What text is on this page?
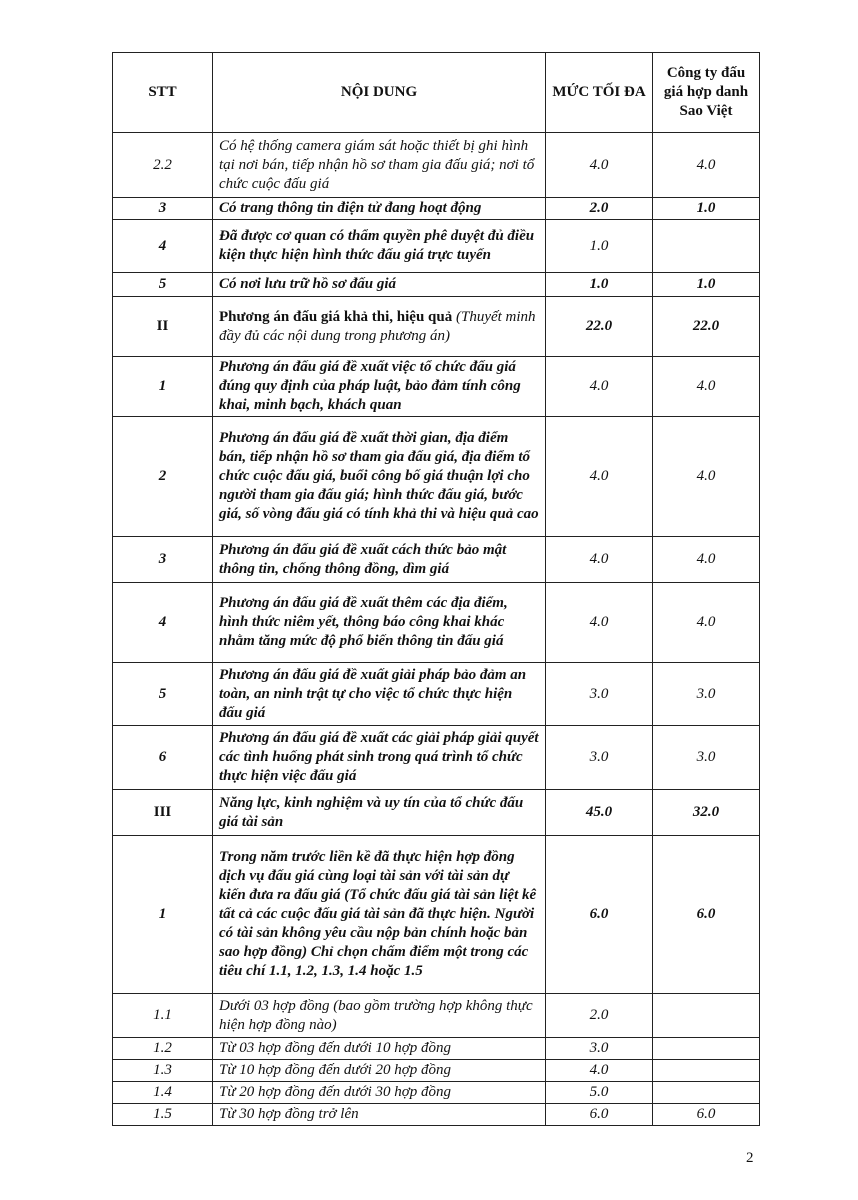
STT	NỘI DUNG	MỨC TỐI ĐA	Công ty đấu giá hợp danh Sao Việt
2.2	Có hệ thống camera giám sát hoặc thiết bị ghi hình tại nơi bán, tiếp nhận hồ sơ tham gia đấu giá; nơi tổ chức cuộc đấu giá	4.0	4.0
3	Có trang thông tin điện tử đang hoạt động	2.0	1.0
4	Đã được cơ quan có thẩm quyền phê duyệt đủ điều kiện thực hiện hình thức đấu giá trực tuyến	1.0	
5	Có nơi lưu trữ hồ sơ đấu giá	1.0	1.0
II	Phương án đấu giá khả thi, hiệu quả (Thuyết minh đầy đủ các nội dung trong phương án)	22.0	22.0
1	Phương án đấu giá đề xuất việc tổ chức đấu giá đúng quy định của pháp luật, bảo đảm tính công khai, minh bạch, khách quan	4.0	4.0
2	Phương án đấu giá đề xuất thời gian, địa điểm bán, tiếp nhận hồ sơ tham gia đấu giá, địa điểm tổ chức cuộc đấu giá, buổi công bố giá thuận lợi cho người tham gia đấu giá; hình thức đấu giá, bước giá, số vòng đấu giá có tính khả thi và hiệu quả cao	4.0	4.0
3	Phương án đấu giá đề xuất cách thức bảo mật thông tin, chống thông đồng, dìm giá	4.0	4.0
4	Phương án đấu giá đề xuất thêm các địa điểm, hình thức niêm yết, thông báo công khai khác nhằm tăng mức độ phổ biến thông tin đấu giá	4.0	4.0
5	Phương án đấu giá đề xuất giải pháp bảo đảm an toàn, an ninh trật tự cho việc tổ chức thực hiện đấu giá	3.0	3.0
6	Phương án đấu giá đề xuất các giải pháp giải quyết các tình huống phát sinh trong quá trình tổ chức thực hiện việc đấu giá	3.0	3.0
III	Năng lực, kinh nghiệm và uy tín của tổ chức đấu giá tài sản	45.0	32.0
1	Trong năm trước liền kề đã thực hiện hợp đồng dịch vụ đấu giá cùng loại tài sản với tài sản dự kiến đưa ra đấu giá (Tổ chức đấu giá tài sản liệt kê tất cả các cuộc đấu giá tài sản đã thực hiện. Người có tài sản không yêu cầu nộp bản chính hoặc bản sao hợp đồng) Chỉ chọn chấm điểm một trong các tiêu chí 1.1, 1.2, 1.3, 1.4 hoặc 1.5	6.0	6.0
1.1	Dưới 03 hợp đồng (bao gồm trường hợp không thực hiện hợp đồng nào)	2.0	
1.2	Từ 03 hợp đồng đến dưới 10 hợp đồng	3.0	
1.3	Từ 10 hợp đồng đến dưới 20 hợp đồng	4.0	
1.4	Từ 20 hợp đồng đến dưới 30 hợp đồng	5.0	
1.5	Từ 30 hợp đồng trở lên	6.0	6.0
2
